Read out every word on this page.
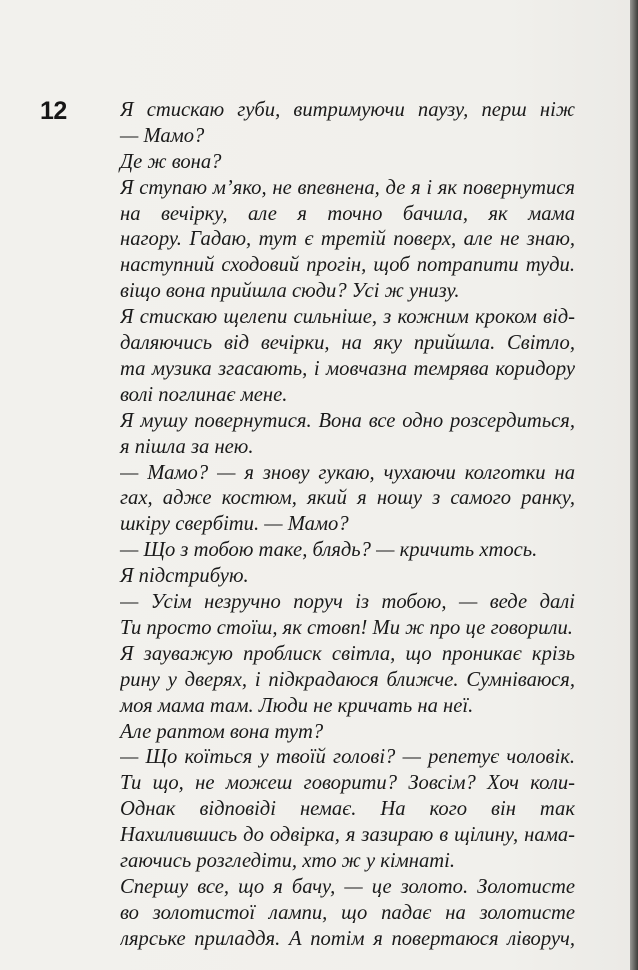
12	Я стискаю губи, витримуючи паузу, перш ніж
— Мамо?
Де ж вона?
Я ступаю м’яко, не впевнена, де я і як повернутися
на вечірку, але я точно бачила, як мама
нагору. Гадаю, тут є третій поверх, але не знаю,
наступний сходовий прогін, щоб потрапити туди.
віщо вона прийшла сюди? Усі ж унизу.
Я стискаю щелепи сильніше, з кожним кроком від-
даляючись від вечірки, на яку прийшла. Світло,
та музика згасають, і мовчазна темрява коридору
волі поглинає мене.
Я мушу повернутися. Вона все одно розсердиться,
я пішла за нею.
— Мамо? — я знову гукаю, чухаючи колготки на
гах, адже костюм, який я ношу з самого ранку,
шкіру свербіти. — Мамо?
— Що з тобою таке, блядь? — кричить хтось.
Я підстрибую.
— Усім незручно поруч із тобою, — веде далі
Ти просто стоїш, як стовп! Ми ж про це говорили.
Я зауважую проблиск світла, що проникає крізь
рину у дверях, і підкрадаюся ближче. Сумніваюся,
моя мама там. Люди не кричать на неї.
Але раптом вона тут?
— Що коїться у твоїй голові? — репетує чоловік.
Ти що, не можеш говорити? Зовсім? Хоч коли-
Однак відповіді немає. На кого він так
Нахилившись до одвірка, я зазираю в щілину, нама-
гаючись розгледіти, хто ж у кімнаті.
Спершу все, що я бачу, — це золото. Золотисте
во золотистої лампи, що падає на золотисте
лярське приладдя. А потім я повертаюся ліворуч,
